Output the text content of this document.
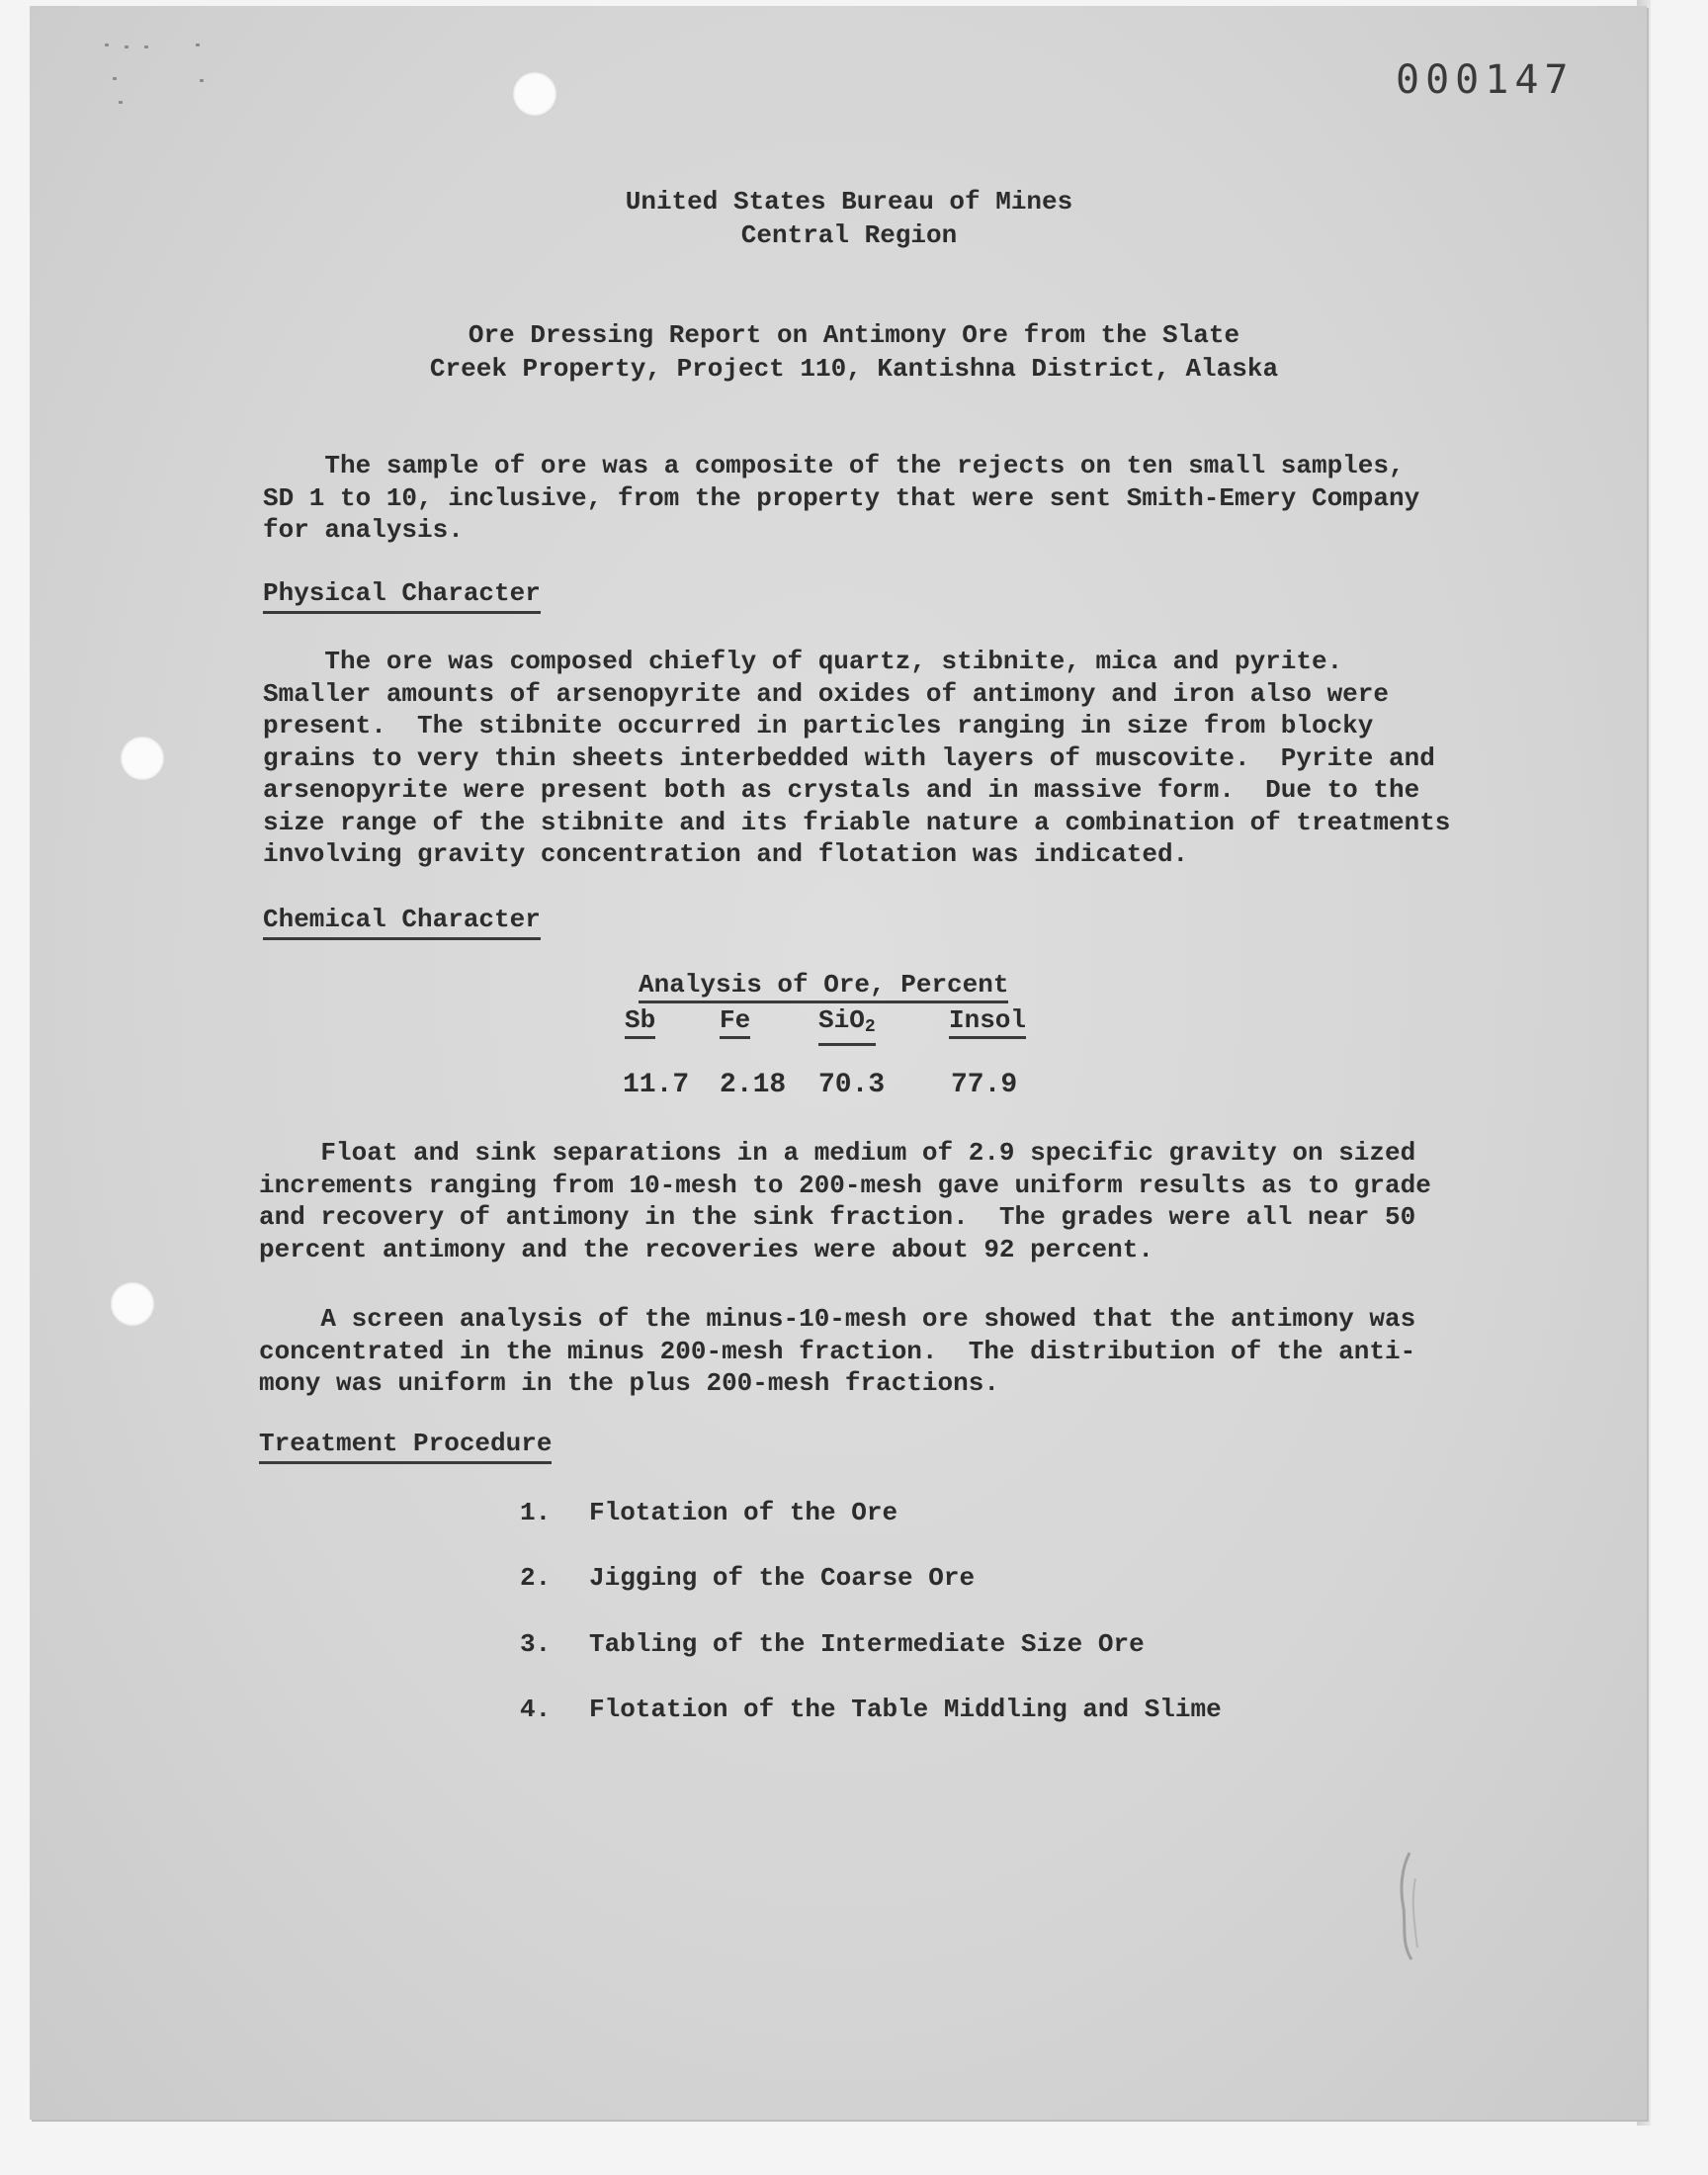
000147
United States Bureau of Mines
Central Region
Ore Dressing Report on Antimony Ore from the Slate
Creek Property, Project 110, Kantishna District, Alaska
The sample of ore was a composite of the rejects on ten small samples,
SD 1 to 10, inclusive, from the property that were sent Smith-Emery Company
for analysis.
Physical Character
The ore was composed chiefly of quartz, stibnite, mica and pyrite.
Smaller amounts of arsenopyrite and oxides of antimony and iron also were
present.  The stibnite occurred in particles ranging in size from blocky
grains to very thin sheets interbedded with layers of muscovite.  Pyrite and
arsenopyrite were present both as crystals and in massive form.  Due to the
size range of the stibnite and its friable nature a combination of treatments
involving gravity concentration and flotation was indicated.
Chemical Character
Analysis of Ore, Percent
Sb Fe	SiO$_2$	Insol
11.7 2.18 70.3 77.9
Float and sink separations in a medium of 2.9 specific gravity on sized
increments ranging from 10-mesh to 200-mesh gave uniform results as to grade
and recovery of antimony in the sink fraction.  The grades were all near 50
percent antimony and the recoveries were about 92 percent.
A screen analysis of the minus-10-mesh ore showed that the antimony was
concentrated in the minus 200-mesh fraction.  The distribution of the anti-
mony was uniform in the plus 200-mesh fractions.
Treatment Procedure
1. Flotation of the Ore
2. Jigging of the Coarse Ore
3. Tabling of the Intermediate Size Ore
4. Flotation of the Table Middling and Slime
